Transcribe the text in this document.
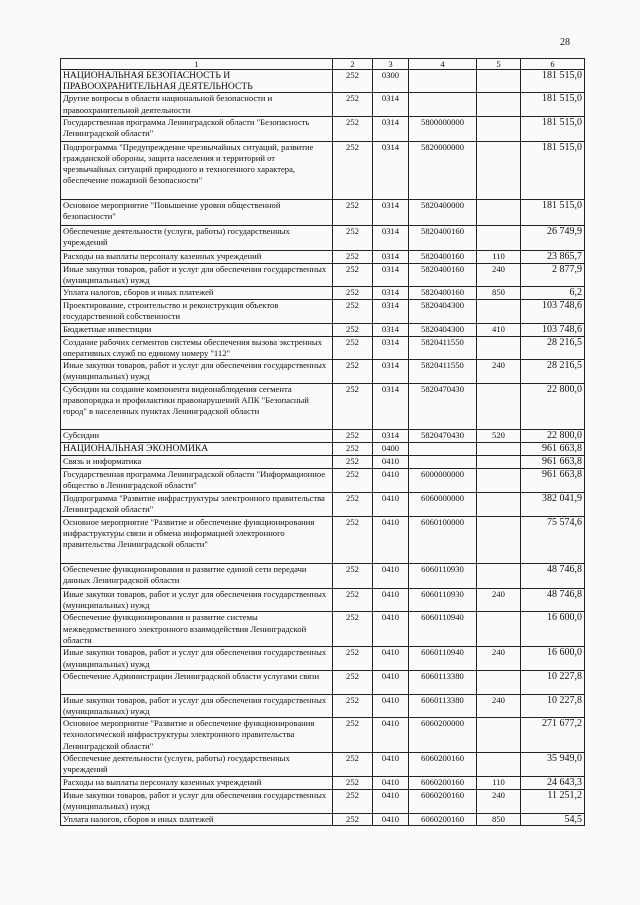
28
1	2	3	4	5	6
НАЦИОНАЛЬНАЯ БЕЗОПАСНОСТЬ И ПРАВООХРАНИТЕЛЬНАЯ ДЕЯТЕЛЬНОСТЬ	252	0300			181 515,0
Другие вопросы в области национальной безопасности и правоохранительной деятельности	252	0314			181 515,0
Государственная программа Ленинградской области "Безопасность Ленинградской области"	252	0314	5800000000		181 515,0
Подпрограмма "Предупреждение чрезвычайных ситуаций, развитие гражданской обороны, защита населения и территорий от чрезвычайных ситуаций природного и техногенного характера, обеспечение пожарной безопасности"	252	0314	5820000000		181 515,0
Основное мероприятие "Повышение уровня общественной безопасности"	252	0314	5820400000		181 515,0
Обеспечение деятельности (услуги, работы) государственных учреждений	252	0314	5820400160		26 749,9
Расходы на выплаты персоналу казенных учреждений	252	0314	5820400160	110	23 865,7
Иные закупки товаров, работ и услуг для обеспечения государственных (муниципальных) нужд	252	0314	5820400160	240	2 877,9
Уплата налогов, сборов и иных платежей	252	0314	5820400160	850	6,2
Проектирование, строительство и реконструкция объектов государственной собственности	252	0314	5820404300		103 748,6
Бюджетные инвестиции	252	0314	5820404300	410	103 748,6
Создание рабочих сегментов системы обеспечения вызова экстренных оперативных служб по единому номеру "112"	252	0314	5820411550		28 216,5
Иные закупки товаров, работ и услуг для обеспечения государственных (муниципальных) нужд	252	0314	5820411550	240	28 216,5
Субсидии на создание компонента видеонаблюдения сегмента правопорядка и профилактики правонарушений АПК "Безопасный город" в населенных пунктах Ленинградской области	252	0314	5820470430		22 800,0
Субсидии	252	0314	5820470430	520	22 800,0
НАЦИОНАЛЬНАЯ ЭКОНОМИКА	252	0400			961 663,8
Связь и информатика	252	0410			961 663,8
Государственная программа Ленинградской области "Информационное общество в Ленинградской области"	252	0410	6000000000		961 663,8
Подпрограмма "Развитие инфраструктуры электронного правительства Ленинградской области"	252	0410	6060000000		382 041,9
Основное мероприятие "Развитие и обеспечение функционирования инфраструктуры связи и обмена информацией электронного правительства Ленинградской области"	252	0410	6060100000		75 574,6
Обеспечение функционирования и развитие единой сети передачи данных Ленинградской области	252	0410	6060110930		48 746,8
Иные закупки товаров, работ и услуг для обеспечения государственных (муниципальных) нужд	252	0410	6060110930	240	48 746,8
Обеспечение функционирования и развитие системы межведомственного электронного взаимодействия Ленинградской области	252	0410	6060110940		16 600,0
Иные закупки товаров, работ и услуг для обеспечения государственных (муниципальных) нужд	252	0410	6060110940	240	16 600,0
Обеспечение Администрации Ленинградской области услугами связи	252	0410	6060113380		10 227,8
Иные закупки товаров, работ и услуг для обеспечения государственных (муниципальных) нужд	252	0410	6060113380	240	10 227,8
Основное мероприятие "Развитие и обеспечение функционирования технологической инфраструктуры электронного правительства Ленинградской области"	252	0410	6060200000		271 677,2
Обеспечение деятельности (услуги, работы) государственных учреждений	252	0410	6060200160		35 949,0
Расходы на выплаты персоналу казенных учреждений	252	0410	6060200160	110	24 643,3
Иные закупки товаров, работ и услуг для обеспечения государственных (муниципальных) нужд	252	0410	6060200160	240	11 251,2
Уплата налогов, сборов и иных платежей	252	0410	6060200160	850	54,5
